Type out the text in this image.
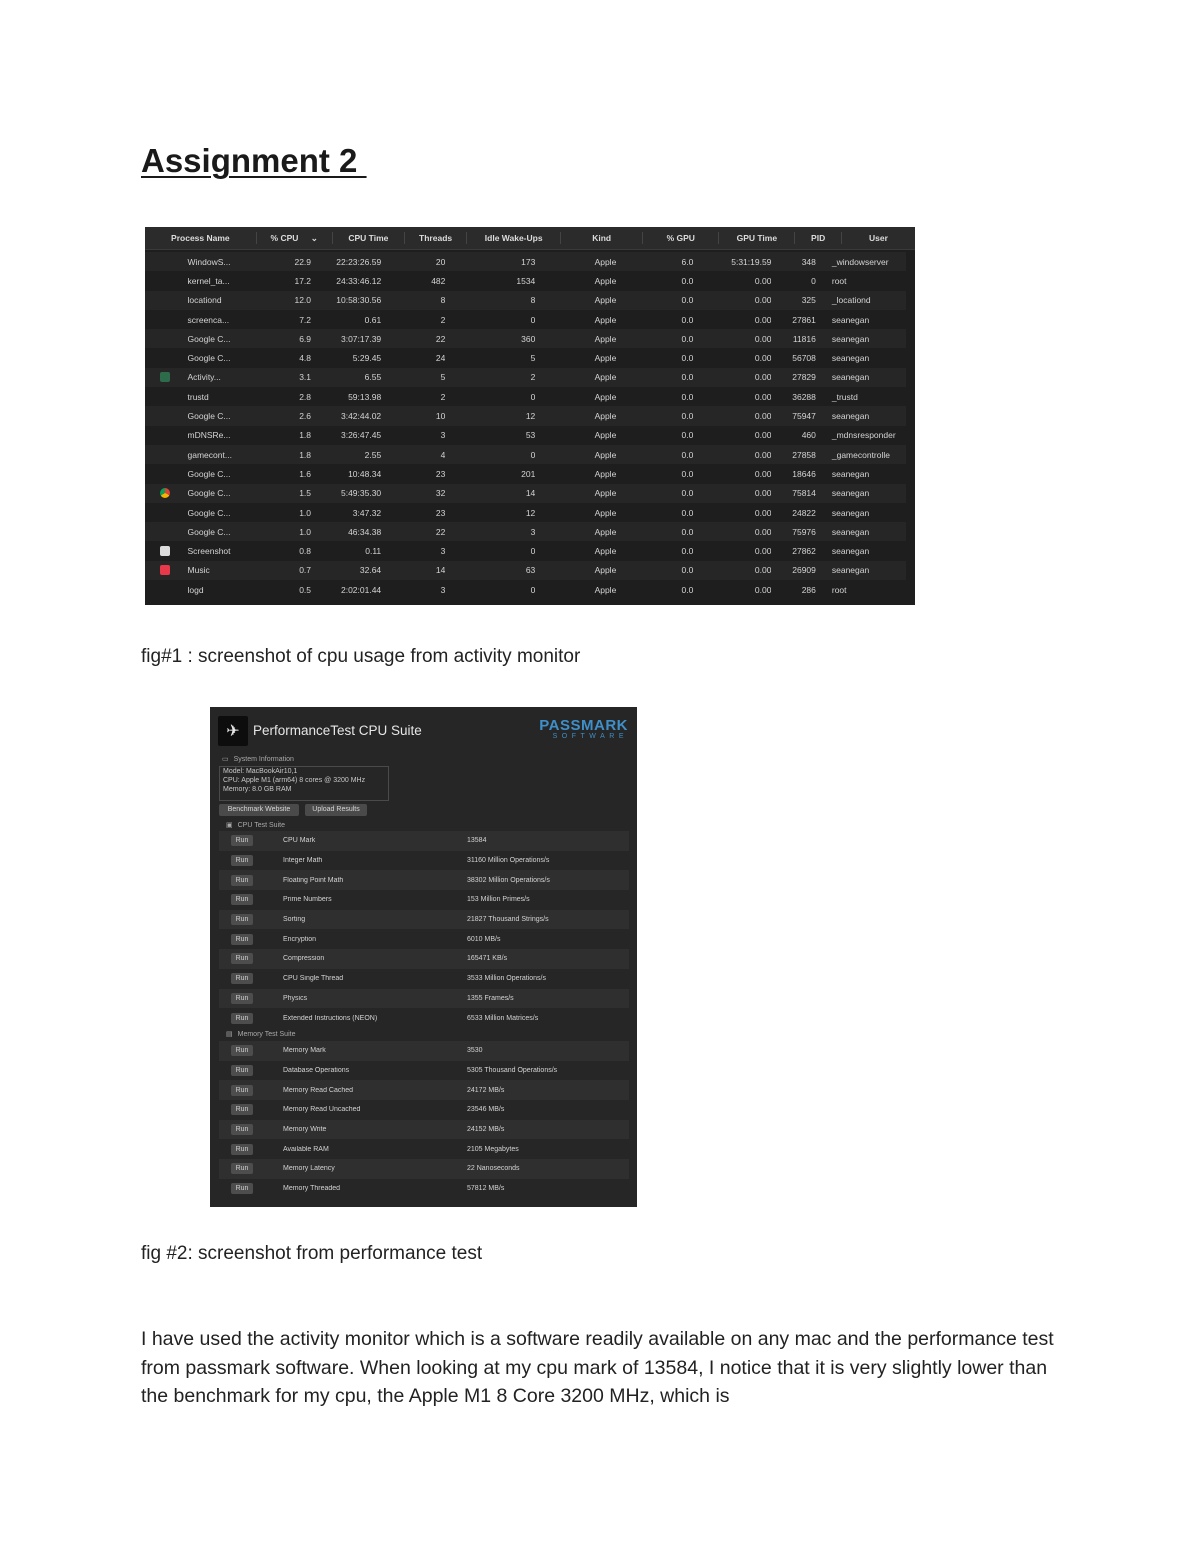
Assignment 2
Process Name	% CPU ⌄	CPU Time	Threads	Idle Wake-Ups	Kind	% GPU	GPU Time	PID	User
WindowS...	22.9	22:23:26.59	20	173	Apple	6.0	5:31:19.59	348	_windowserver
kernel_ta...	17.2	24:33:46.12	482	1534	Apple	0.0	0.00	0	root
locationd	12.0	10:58:30.56	8	8	Apple	0.0	0.00	325	_locationd
screenca...	7.2	0.61	2	0	Apple	0.0	0.00	27861	seanegan
Google C...	6.9	3:07:17.39	22	360	Apple	0.0	0.00	11816	seanegan
Google C...	4.8	5:29.45	24	5	Apple	0.0	0.00	56708	seanegan
Activity...	3.1	6.55	5	2	Apple	0.0	0.00	27829	seanegan
trustd	2.8	59:13.98	2	0	Apple	0.0	0.00	36288	_trustd
Google C...	2.6	3:42:44.02	10	12	Apple	0.0	0.00	75947	seanegan
mDNSRe...	1.8	3:26:47.45	3	53	Apple	0.0	0.00	460	_mdnsresponder
gamecont...	1.8	2.55	4	0	Apple	0.0	0.00	27858	_gamecontrolle
Google C...	1.6	10:48.34	23	201	Apple	0.0	0.00	18646	seanegan
Google C...	1.5	5:49:35.30	32	14	Apple	0.0	0.00	75814	seanegan
Google C...	1.0	3:47.32	23	12	Apple	0.0	0.00	24822	seanegan
Google C...	1.0	46:34.38	22	3	Apple	0.0	0.00	75976	seanegan
Screenshot	0.8	0.11	3	0	Apple	0.0	0.00	27862	seanegan
Music	0.7	32.64	14	63	Apple	0.0	0.00	26909	seanegan
logd	0.5	2:02:01.44	3	0	Apple	0.0	0.00	286	root

fig#1 : screenshot of cpu usage from activity monitor

✈ PerformanceTest CPU Suite	PASSMARK
SOFTWARE
▭ System Information
Model: MacBookAir10,1
CPU: Apple M1 (arm64) 8 cores @ 3200 MHz
Memory: 8.0 GB RAM
Benchmark Website	Upload Results
▣ CPU Test Suite
Run	CPU Mark	13584
Run	Integer Math	31160 Million Operations/s
Run	Floating Point Math	38302 Million Operations/s
Run	Prime Numbers	153 Million Primes/s
Run	Sorting	21827 Thousand Strings/s
Run	Encryption	6010 MB/s
Run	Compression	165471 KB/s
Run	CPU Single Thread	3533 Million Operations/s
Run	Physics	1355 Frames/s
Run	Extended Instructions (NEON)	6533 Million Matrices/s
▤ Memory Test Suite
Run	Memory Mark	3530
Run	Database Operations	5305 Thousand Operations/s
Run	Memory Read Cached	24172 MB/s
Run	Memory Read Uncached	23546 MB/s
Run	Memory Write	24152 MB/s
Run	Available RAM	2105 Megabytes
Run	Memory Latency	22 Nanoseconds
Run	Memory Threaded	57812 MB/s

fig #2: screenshot from performance test

I have used the activity monitor which is a software readily available on any mac and the performance test from passmark software. When looking at my cpu mark of 13584, I notice that it is very slightly lower than the benchmark for my cpu, the Apple M1 8 Core 3200 MHz, which is
